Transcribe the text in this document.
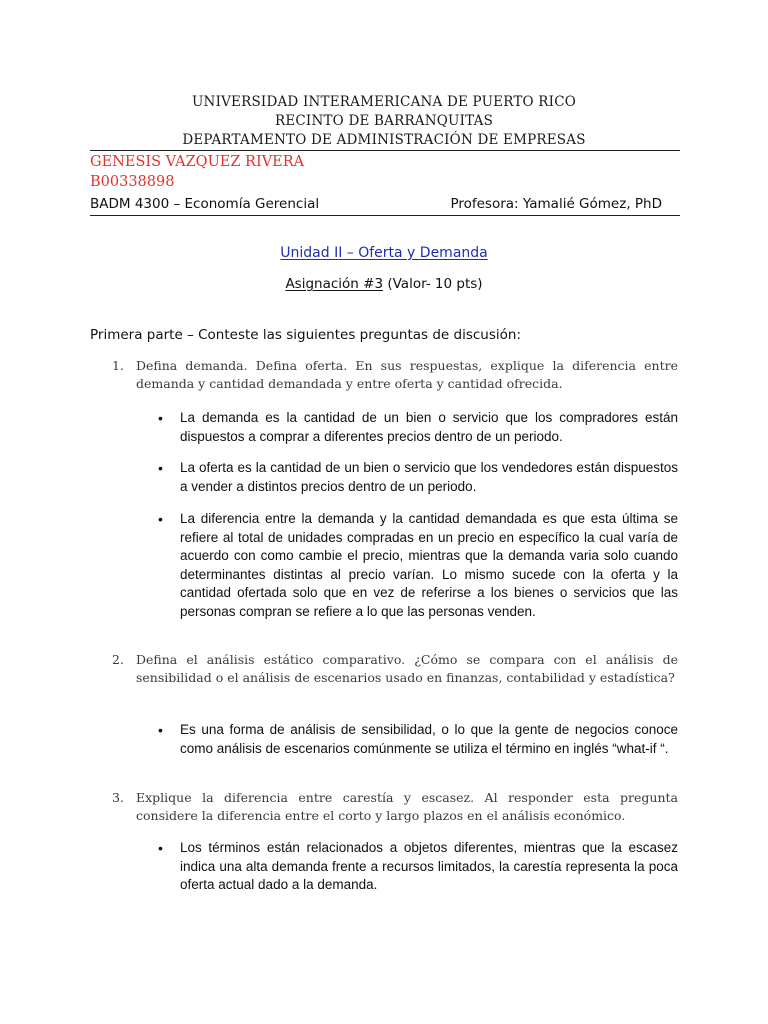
UNIVERSIDAD INTERAMERICANA DE PUERTO RICO
RECINTO DE BARRANQUITAS
DEPARTAMENTO DE ADMINISTRACIÓN DE EMPRESAS
GENESIS VAZQUEZ RIVERA
B00338898
BADM 4300 – Economía Gerencial	Profesora: Yamalié Gómez, PhD
Unidad II – Oferta y Demanda
Asignación #3 (Valor- 10 pts)
Primera parte – Conteste las siguientes preguntas de discusión:
1. Defina demanda. Defina oferta. En sus respuestas, explique la diferencia entre demanda y cantidad demandada y entre oferta y cantidad ofrecida.
•	La demanda es la cantidad de un bien o servicio que los compradores están dispuestos a comprar a diferentes precios dentro de un periodo.
•	La oferta es la cantidad de un bien o servicio que los vendedores están dispuestos a vender a distintos precios dentro de un periodo.
•	La diferencia entre la demanda y la cantidad demandada es que esta última se refiere al total de unidades compradas en un precio en específico la cual varía de acuerdo con como cambie el precio, mientras que la demanda varia solo cuando determinantes distintas al precio varían. Lo mismo sucede con la oferta y la cantidad ofertada solo que en vez de referirse a los bienes o servicios que las personas compran se refiere a lo que las personas venden.
2. Defina el análisis estático comparativo. ¿Cómo se compara con el análisis de sensibilidad o el análisis de escenarios usado en finanzas, contabilidad y estadística?
•	Es una forma de análisis de sensibilidad, o lo que la gente de negocios conoce como análisis de escenarios comúnmente se utiliza el término en inglés “what-if “.
3. Explique la diferencia entre carestía y escasez. Al responder esta pregunta considere la diferencia entre el corto y largo plazos en el análisis económico.
•	Los términos están relacionados a objetos diferentes, mientras que la escasez indica una alta demanda frente a recursos limitados, la carestía representa la poca oferta actual dado a la demanda.
